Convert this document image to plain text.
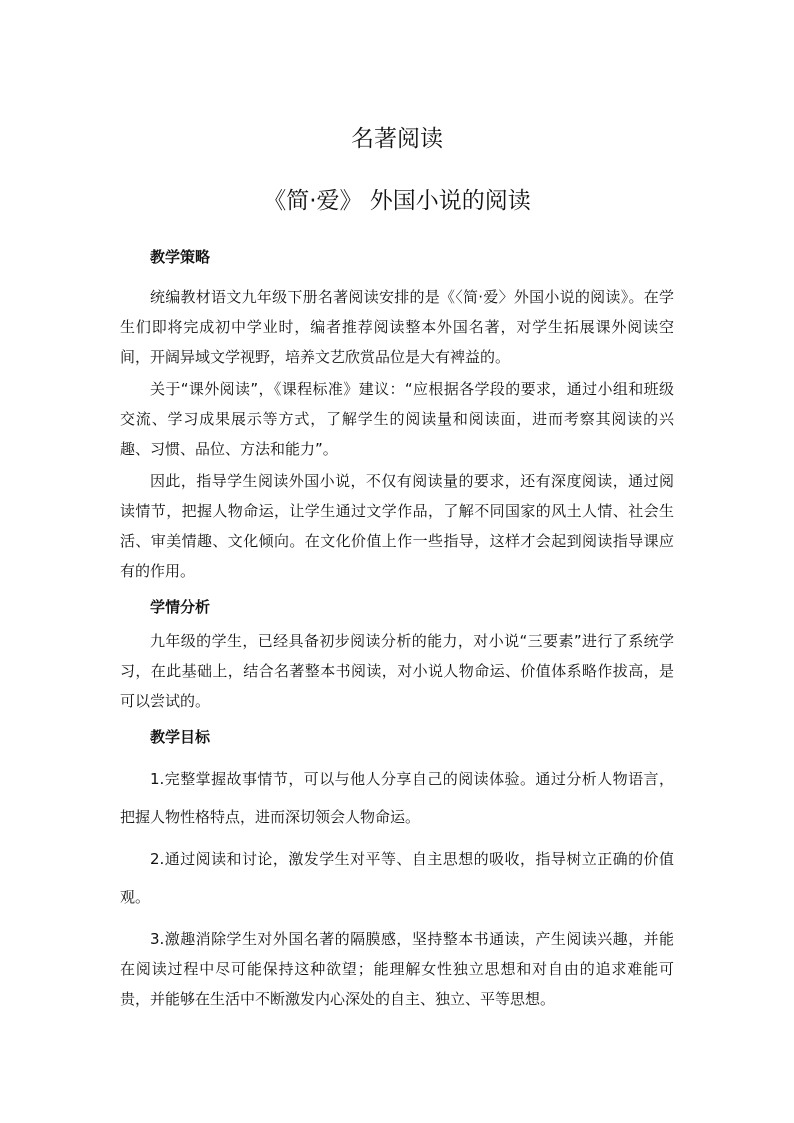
名著阅读
《简·爱》 外国小说的阅读
教学策略

统编教材语文九年级下册名著阅读安排的是《〈简·爱〉外国小说的阅读》。在学生们即将完成初中学业时，编者推荐阅读整本外国名著，对学生拓展课外阅读空间，开阔异域文学视野，培养文艺欣赏品位是大有裨益的。

关于“课外阅读”，《课程标准》建议：“应根据各学段的要求，通过小组和班级交流、学习成果展示等方式，了解学生的阅读量和阅读面，进而考察其阅读的兴趣、习惯、品位、方法和能力”。

因此，指导学生阅读外国小说，不仅有阅读量的要求，还有深度阅读，通过阅读情节，把握人物命运，让学生通过文学作品，了解不同国家的风土人情、社会生活、审美情趣、文化倾向。在文化价值上作一些指导，这样才会起到阅读指导课应有的作用。

学情分析

九年级的学生，已经具备初步阅读分析的能力，对小说“三要素”进行了系统学习，在此基础上，结合名著整本书阅读，对小说人物命运、价值体系略作拔高，是可以尝试的。

教学目标

1.完整掌握故事情节，可以与他人分享自己的阅读体验。通过分析人物语言，把握人物性格特点，进而深切领会人物命运。

2.通过阅读和讨论，激发学生对平等、自主思想的吸收，指导树立正确的价值观。

3.激趣消除学生对外国名著的隔膜感，坚持整本书通读，产生阅读兴趣，并能在阅读过程中尽可能保持这种欲望；能理解女性独立思想和对自由的追求难能可贵，并能够在生活中不断激发内心深处的自主、独立、平等思想。
